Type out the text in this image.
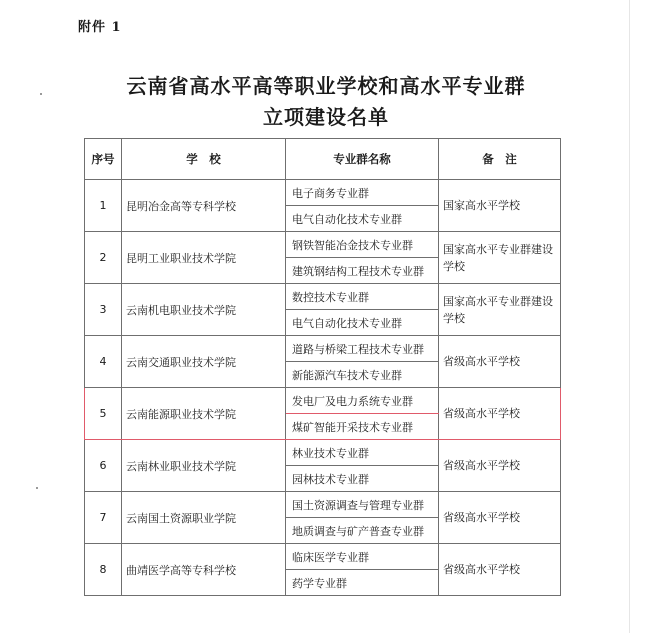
附件 1
云南省高水平高等职业学校和高水平专业群
立项建设名单
序号	学　校	专业群名称	备　注
1	昆明冶金高等专科学校	电子商务专业群	国家高水平学校
		电气自动化技术专业群	
2	昆明工业职业技术学院	钢铁智能冶金技术专业群	国家高水平专业群建设学校
		建筑钢结构工程技术专业群	
3	云南机电职业技术学院	数控技术专业群	国家高水平专业群建设学校
		电气自动化技术专业群	
4	云南交通职业技术学院	道路与桥梁工程技术专业群	省级高水平学校
		新能源汽车技术专业群	
5	云南能源职业技术学院	发电厂及电力系统专业群	省级高水平学校
		煤矿智能开采技术专业群	
6	云南林业职业技术学院	林业技术专业群	省级高水平学校
		园林技术专业群	
7	云南国土资源职业学院	国土资源调查与管理专业群	省级高水平学校
		地质调查与矿产普查专业群	
8	曲靖医学高等专科学校	临床医学专业群	省级高水平学校
		药学专业群	
